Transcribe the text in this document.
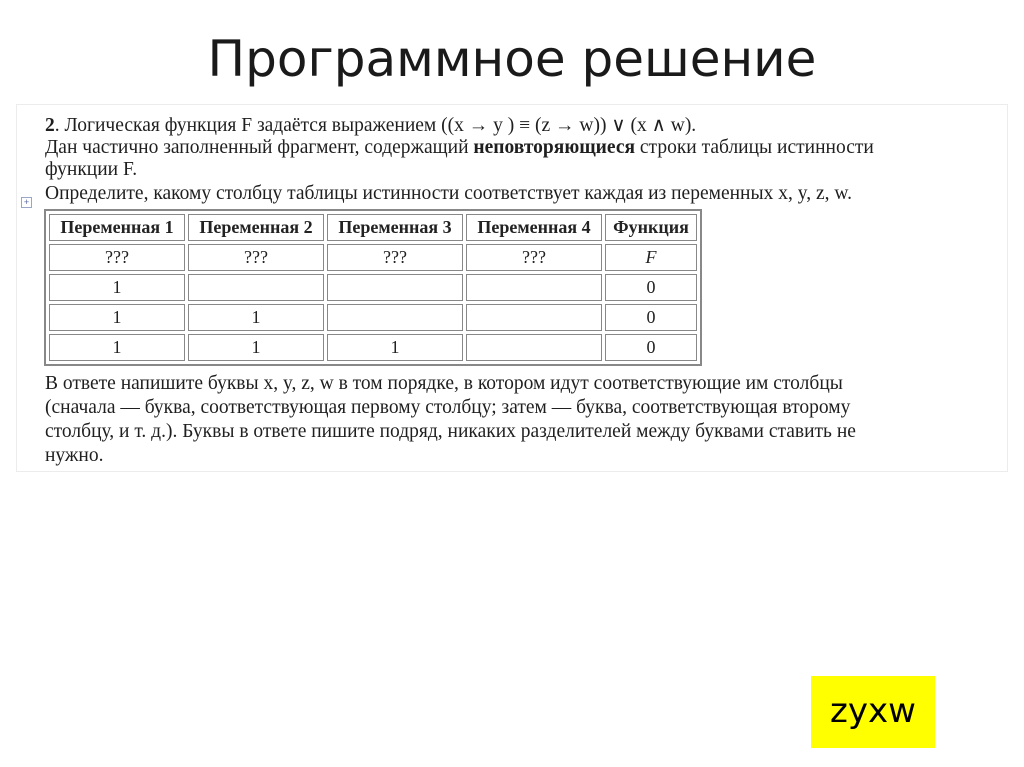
Программное решение
2. Логическая функция F задаётся выражением ((x → y ) ≡ (z → w)) ∨ (x ∧ w).
Дан частично заполненный фрагмент, содержащий неповторяющиеся строки таблицы истинности
функции F.
Определите, какому столбцу таблицы истинности соответствует каждая из переменных x, y, z, w.
+
Переменная 1	Переменная 2	Переменная 3	Переменная 4	Функция
???	???	???	???	F
1				0
1	1			0
1	1	1		0
В ответе напишите буквы x, y, z, w в том порядке, в котором идут соответствующие им столбцы
(сначала — буква, соответствующая первому столбцу; затем — буква, соответствующая второму
столбцу, и т. д.). Буквы в ответе пишите подряд, никаких разделителей между буквами ставить не
нужно.
zyxw
